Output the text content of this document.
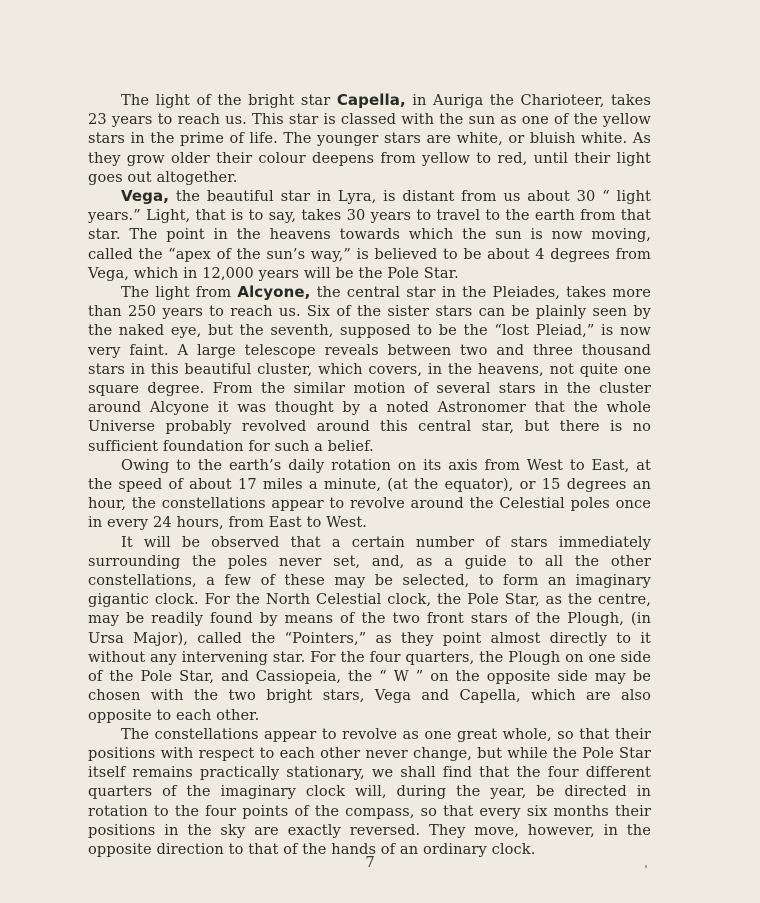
The light of the bright star Capella, in Auriga the Charioteer, takes 23 years to reach us. This star is classed with the sun as one of the yellow stars in the prime of life. The younger stars are white, or bluish white. As they grow older their colour deepens from yellow to red, until their light goes out altogether.

Vega, the beautiful star in Lyra, is distant from us about 30 “ light years.” Light, that is to say, takes 30 years to travel to the earth from that star. The point in the heavens towards which the sun is now moving, called the “apex of the sun’s way,” is believed to be about 4 degrees from Vega, which in 12,000 years will be the Pole Star.

The light from Alcyone, the central star in the Pleiades, takes more than 250 years to reach us. Six of the sister stars can be plainly seen by the naked eye, but the seventh, supposed to be the “lost Pleiad,” is now very faint. A large telescope reveals between two and three thousand stars in this beautiful cluster, which covers, in the heavens, not quite one square degree. From the similar motion of several stars in the cluster around Alcyone it was thought by a noted Astronomer that the whole Universe probably revolved around this central star, but there is no sufficient foundation for such a belief.

Owing to the earth’s daily rotation on its axis from West to East, at the speed of about 17 miles a minute, (at the equator), or 15 degrees an hour, the constellations appear to revolve around the Celestial poles once in every 24 hours, from East to West.

It will be observed that a certain number of stars immediately surrounding the poles never set, and, as a guide to all the other constellations, a few of these may be selected, to form an imaginary gigantic clock. For the North Celestial clock, the Pole Star, as the centre, may be readily found by means of the two front stars of the Plough, (in Ursa Major), called the “Pointers,” as they point almost directly to it without any intervening star. For the four quarters, the Plough on one side of the Pole Star, and Cassiopeia, the “ W ” on the opposite side may be chosen with the two bright stars, Vega and Capella, which are also opposite to each other.

The constellations appear to revolve as one great whole, so that their positions with respect to each other never change, but while the Pole Star itself remains practically stationary, we shall find that the four different quarters of the imaginary clock will, during the year, be directed in rotation to the four points of the compass, so that every six months their positions in the sky are exactly reversed. They move, however, in the opposite direction to that of the hands of an ordinary clock.

7
